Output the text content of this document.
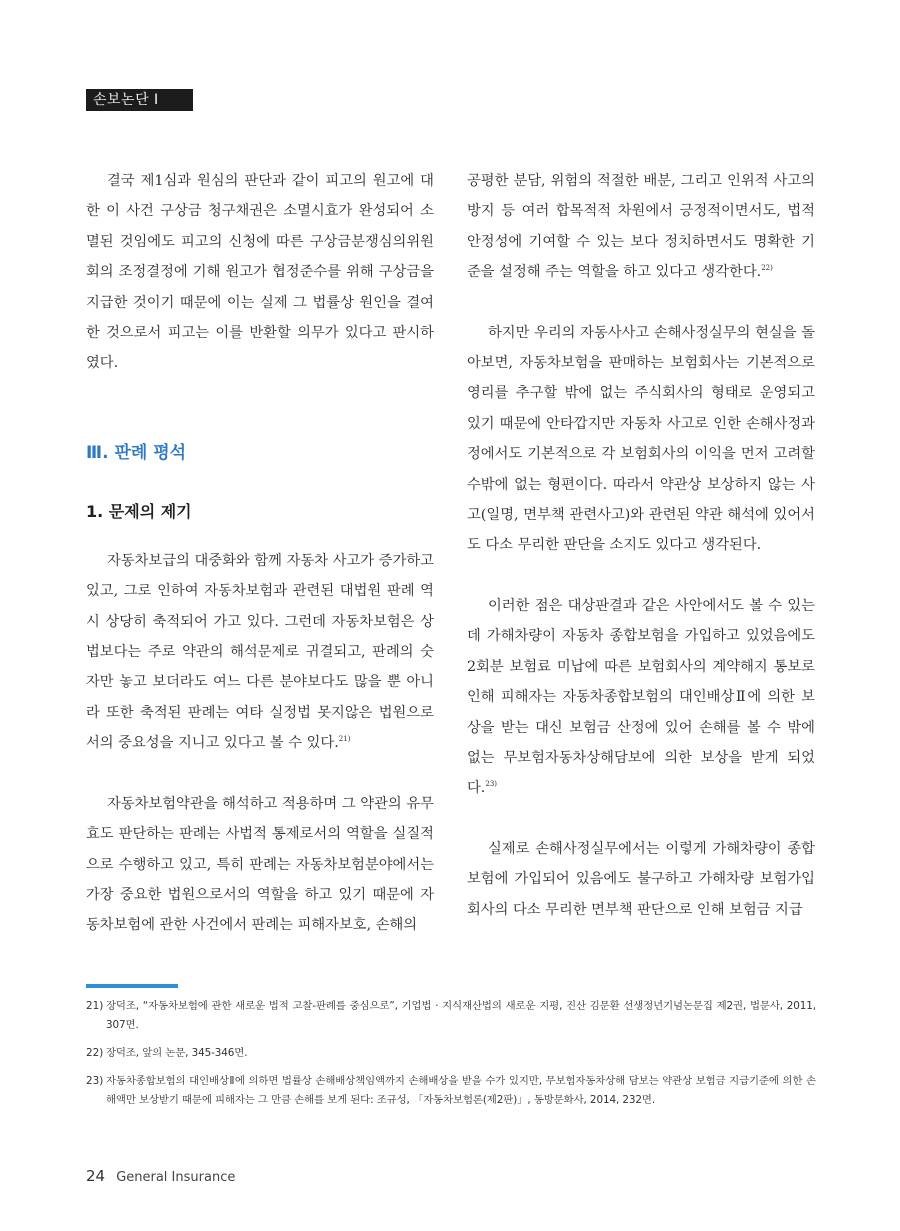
손보논단 I

결국 제1심과 원심의 판단과 같이 피고의 원고에 대한 이 사건 구상금 청구채권은 소멸시효가 완성되어 소멸된 것임에도 피고의 신청에 따른 구상금분쟁심의위원회의 조정결정에 기해 원고가 협정준수를 위해 구상금을 지급한 것이기 때문에 이는 실제 그 법률상 원인을 결여한 것으로서 피고는 이를 반환할 의무가 있다고 판시하였다.

Ⅲ. 판례 평석
1. 문제의 제기

자동차보급의 대중화와 함께 자동차 사고가 증가하고 있고, 그로 인하여 자동차보험과 관련된 대법원 판례 역시 상당히 축적되어 가고 있다. 그런데 자동차보험은 상법보다는 주로 약관의 해석문제로 귀결되고, 판례의 숫자만 놓고 보더라도 여느 다른 분야보다도 많을 뿐 아니라 또한 축적된 판례는 여타 실정법 못지않은 법원으로서의 중요성을 지니고 있다고 볼 수 있다.$^{21)}$

자동차보험약관을 해석하고 적용하며 그 약관의 유무효도 판단하는 판례는 사법적 통제로서의 역할을 실질적으로 수행하고 있고, 특히 판례는 자동차보험분야에서는 가장 중요한 법원으로서의 역할을 하고 있기 때문에 자동차보험에 관한 사건에서 판례는 피해자보호, 손해의

공평한 분담, 위험의 적절한 배분, 그리고 인위적 사고의 방지 등 여러 합목적적 차원에서 긍정적이면서도, 법적 안정성에 기여할 수 있는 보다 정치하면서도 명확한 기준을 설정해 주는 역할을 하고 있다고 생각한다.$^{22)}$

하지만 우리의 자동사사고 손해사정실무의 현실을 돌아보면, 자동차보험을 판매하는 보험회사는 기본적으로 영리를 추구할 밖에 없는 주식회사의 형태로 운영되고 있기 때문에 안타깝지만 자동차 사고로 인한 손해사정과정에서도 기본적으로 각 보험회사의 이익을 먼저 고려할 수밖에 없는 형편이다. 따라서 약관상 보상하지 않는 사고(일명, 면부책 관련사고)와 관련된 약관 해석에 있어서도 다소 무리한 판단을 소지도 있다고 생각된다.

이러한 점은 대상판결과 같은 사안에서도 볼 수 있는데 가해차량이 자동차 종합보험을 가입하고 있었음에도 2회분 보험료 미납에 따른 보험회사의 계약해지 통보로 인해 피해자는 자동차종합보험의 대인배상Ⅱ에 의한 보상을 받는 대신 보험금 산정에 있어 손해를 볼 수 밖에 없는 무보험자동차상해담보에 의한 보상을 받게 되었다.$^{23)}$

실제로 손해사정실무에서는 이렇게 가해차량이 종합보험에 가입되어 있음에도 불구하고 가해차량 보험가입회사의 다소 무리한 면부책 판단으로 인해 보험금 지급

21) 장덕조, “자동차보험에 관한 새로운 법적 고찰-판례를 중심으로”, 기업법 · 지식재산법의 새로운 지평, 진산 김문환 선생정년기념논문집 제2권, 법문사, 2011, 307면.
22) 장덕조, 앞의 논문, 345-346면.
23) 자동차종합보험의 대인배상Ⅱ에 의하면 법률상 손해배상책임액까지 손해배상을 받을 수가 있지만, 무보험자동차상해 담보는 약관상 보험금 지급기준에 의한 손해액만 보상받기 때문에 피해자는 그 만큼 손해를 보게 된다: 조규성, 「자동차보험론(제2판)」, 동방문화사, 2014, 232면.
24 General Insurance
